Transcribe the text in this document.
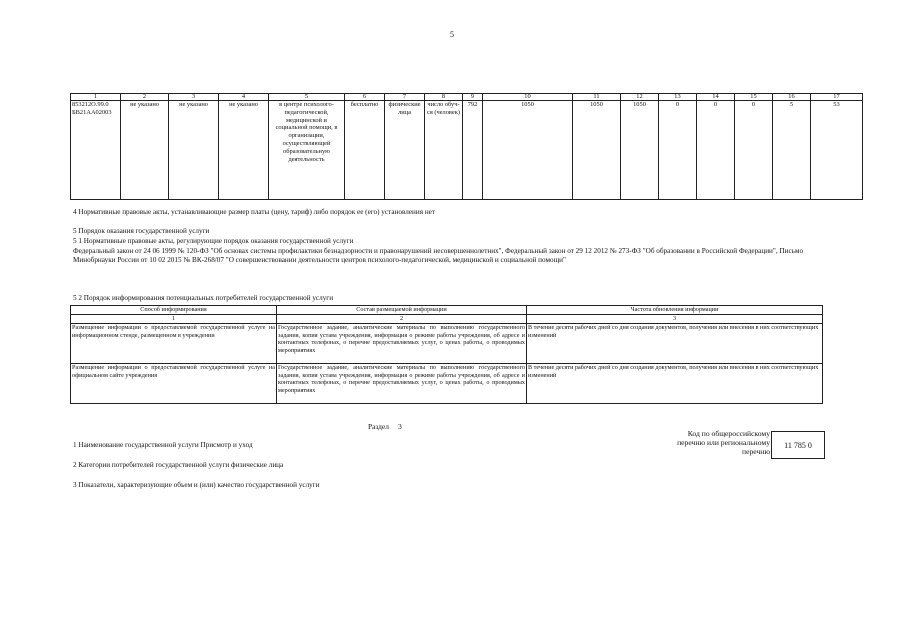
5
1	2	3	4	5	6	7	8	9	10	11	12	13	14	15	16	17
853212О.99.0 БВ21АА02003	не указано	не указано	не указано	в центре психолого-педагогической, медицинской и социальной помощи, в организации, осуществляющей образовательную деятельность	бесплатно	физические лица	число обуч-ся (человек)	792	1050	1050	1050	0	0	0	5	53
4 Нормативные правовые акты, устанавливающие размер платы (цену, тариф) либо порядок ее (его) установления нет
5 Порядок оказания государственной услуги
5 1 Нормативные правовые акты, регулирующие порядок оказания государственной услуги
Федеральный закон от 24 06 1999 № 120-ФЗ "Об основах системы профилактики безнадзорности и правонарушений несовершеннолетних", Федеральный закон от 29 12 2012 № 273-ФЗ "Об образовании в Российской Федерации", Письмо Минобрнауки России от 10 02 2015 № ВК-268/07 "О совершенствовании деятельности центров психолого-педагогической, медицинской и социальной помощи"
5 2 Порядок информирования потенциальных потребителей государственной услуги
Способ информирования	Состав размещаемой информации	Частота обновления информации
1	2	3
Размещение информации о предоставляемой государственной услуге на информационном стенде, размещенном в учреждении	Государственное задание, аналитические материалы по выполнению государственного задания, копия устава учреждения, информация о режиме работы учреждения, об адресе и контактных телефонах, о перечне предоставляемых услуг, о ценах работы, о проводимых мероприятиях	В течение десяти рабочих дней со дня создания документов, получения или внесения в них соответствующих изменений
Размещение информации о предоставляемой государственной услуге на официальном сайте учреждения	Государственное задание, аналитические материалы по выполнению государственного задания, копия устава учреждения, информация о режиме работы учреждения, об адресе и контактных телефонах, о перечне предоставляемых услуг, о ценах работы, о проводимых мероприятиях	В течение десяти рабочих дней со дня создания документов, получения или внесения в них соответствующих изменений
Раздел 3
Код по общероссийскому перечню или региональному перечню
11 785 0
1 Наименование государственной услуги Присмотр и уход
2 Категории потребителей государственной услуги физические лица
3 Показатели, характеризующие объем и (или) качество государственной услуги
